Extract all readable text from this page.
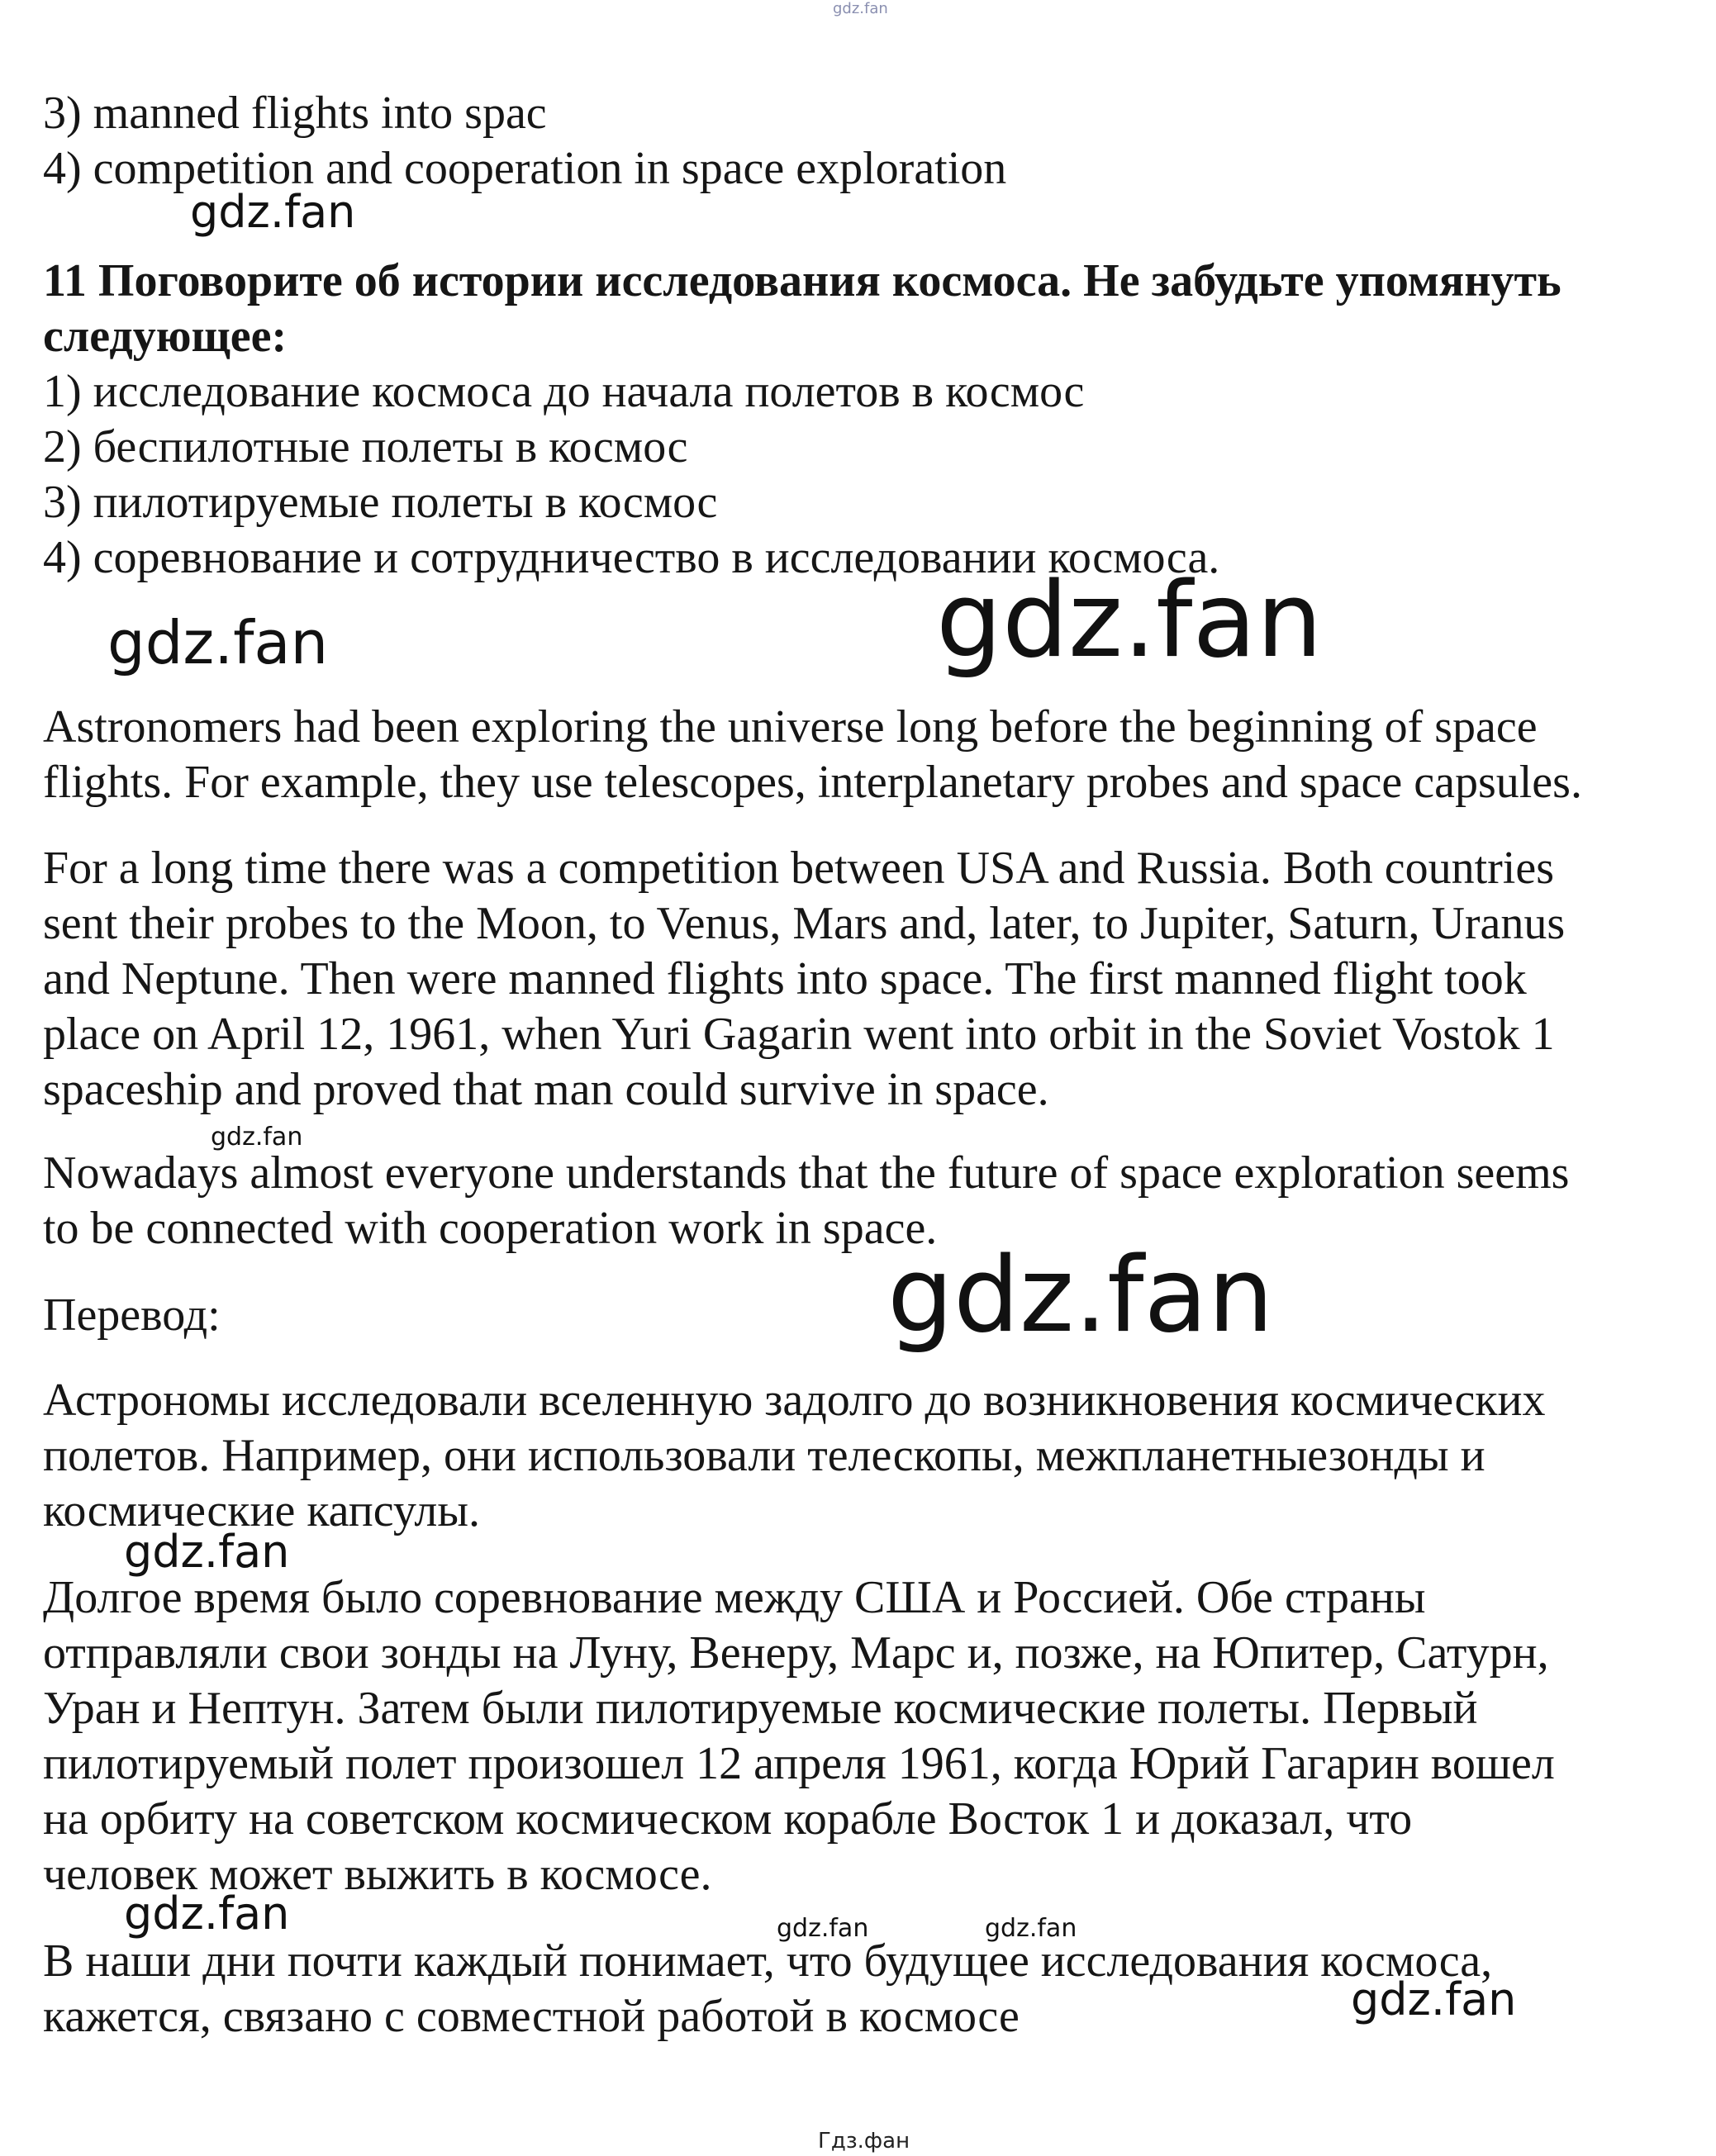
gdz.fan
3) manned flights into spac
4) competition and cooperation in space exploration
gdz.fan
11 Поговорите об истории исследования космоса. Не забудьте упомянуть
следующее:
1) исследование космоса до начала полетов в космос
2) беспилотные полеты в космос
3) пилотируемые полеты в космос
4) соревнование и сотрудничество в исследовании космоса.
gdz.fan	gdz.fan
Astronomers had been exploring the universe long before the beginning of space
flights. For example, they use telescopes, interplanetary probes and space capsules.
For a long time there was a competition between USA and Russia. Both countries
sent their probes to the Moon, to Venus, Mars and, later, to Jupiter, Saturn, Uranus
and Neptune. Then were manned flights into space. The first manned flight took
place on April 12, 1961, when Yuri Gagarin went into orbit in the Soviet Vostok 1
spaceship and proved that man could survive in space.
gdz.fan
Nowadays almost everyone understands that the future of space exploration seems
to be connected with cooperation work in space.
Перевод:	gdz.fan
Астрономы исследовали вселенную задолго до возникновения космических
полетов. Например, они использовали телескопы, межпланетныезонды и
космические капсулы.
gdz.fan
Долгое время было соревнование между США и Россией. Обе страны
отправляли свои зонды на Луну, Венеру, Марс и, позже, на Юпитер, Сатурн,
Уран и Нептун. Затем были пилотируемые космические полеты. Первый
пилотируемый полет произошел 12 апреля 1961, когда Юрий Гагарин вошел
на орбиту на советском космическом корабле Восток 1 и доказал, что
человек может выжить в космосе.
gdz.fan	gdz.fan	gdz.fan
В наши дни почти каждый понимает, что будущее исследования космоса,
кажется, связано с совместной работой в космосе	gdz.fan
Гдз.фан
